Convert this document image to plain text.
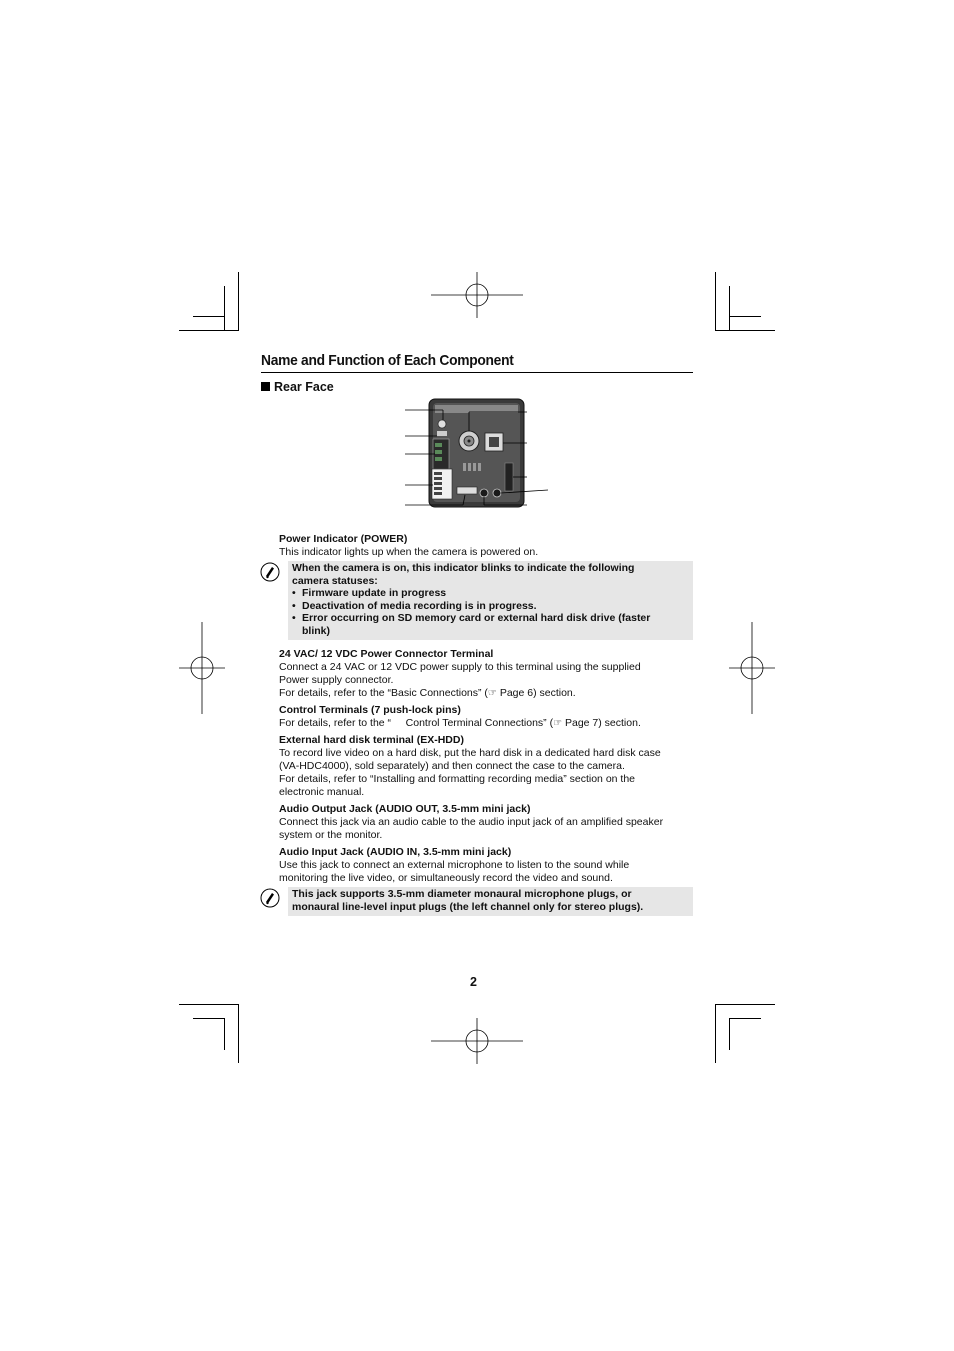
Name and Function of Each Component
Rear Face
Power Indicator (POWER)
This indicator lights up when the camera is powered on.
When the camera is on, this indicator blinks to indicate the following
camera statuses:
• Firmware update in progress
• Deactivation of media recording is in progress.
• Error occurring on SD memory card or external hard disk drive (faster
blink)
24 VAC/ 12 VDC Power Connector Terminal
Connect a 24 VAC or 12 VDC power supply to this terminal using the supplied
Power supply connector.
For details, refer to the “Basic Connections” (☞ Page 6) section.
Control Terminals (7 push-lock pins)
For details, refer to the “ Control Terminal Connections” (☞ Page 7) section.
External hard disk terminal (EX-HDD)
To record live video on a hard disk, put the hard disk in a dedicated hard disk case
(VA-HDC4000), sold separately) and then connect the case to the camera.
For details, refer to “Installing and formatting recording media” section on the
electronic manual.
Audio Output Jack (AUDIO OUT, 3.5-mm mini jack)
Connect this jack via an audio cable to the audio input jack of an amplified speaker
system or the monitor.
Audio Input Jack (AUDIO IN, 3.5-mm mini jack)
Use this jack to connect an external microphone to listen to the sound while
monitoring the live video, or simultaneously record the video and sound.
This jack supports 3.5-mm diameter monaural microphone plugs, or
monaural line-level input plugs (the left channel only for stereo plugs).
2
